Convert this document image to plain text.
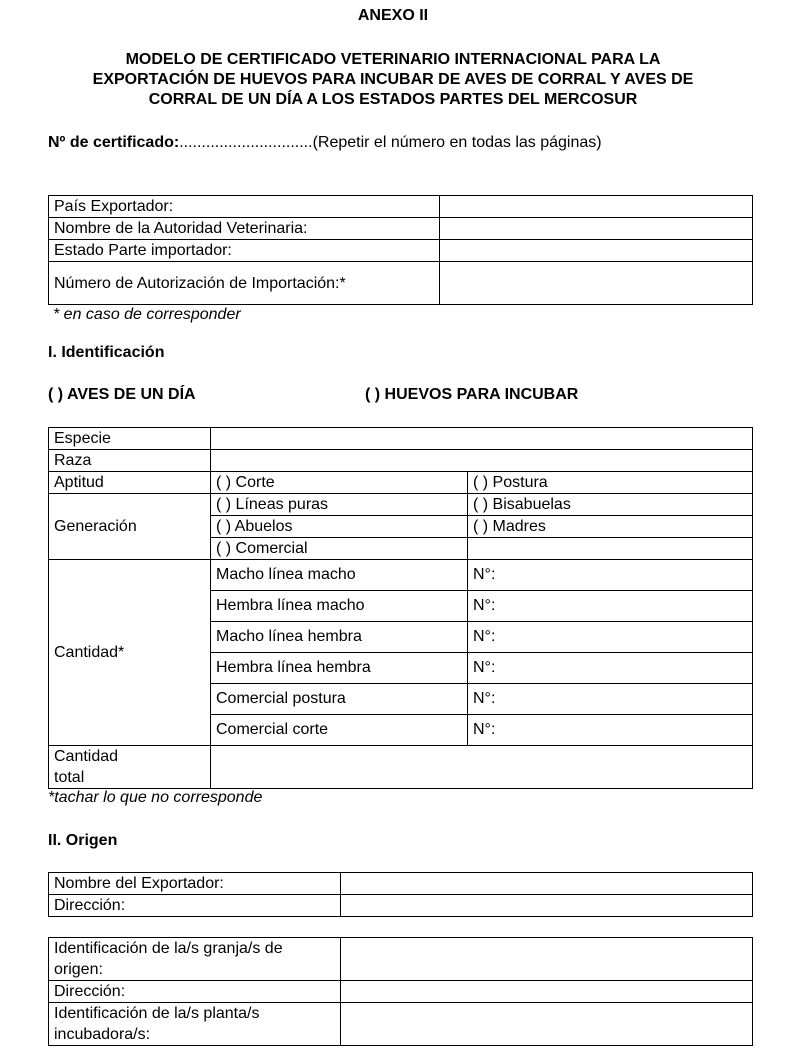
ANEXO II
MODELO DE CERTIFICADO VETERINARIO INTERNACIONAL PARA LA
EXPORTACIÓN DE HUEVOS PARA INCUBAR DE AVES DE CORRAL Y AVES DE
CORRAL DE UN DÍA A LOS ESTADOS PARTES DEL MERCOSUR
Nº de certificado:..............................(Repetir el número en todas las páginas)
País Exportador:	
Nombre de la Autoridad Veterinaria:	
Estado Parte importador:	
Número de Autorización de Importación:*	
* en caso de corresponder
I. Identificación
( ) AVES DE UN DÍA	( ) HUEVOS PARA INCUBAR
Especie		
Raza		
Aptitud	( ) Corte	( ) Postura
Generación	( ) Líneas puras	( ) Bisabuelas
	( ) Abuelos	( ) Madres
	( ) Comercial	
Cantidad*	Macho línea macho	N°:
	Hembra línea macho	N°:
	Macho línea hembra	N°:
	Hembra línea hembra	N°:
	Comercial postura	N°:
	Comercial corte	N°:
Cantidad total		
*tachar lo que no corresponde
II. Origen
Nombre del Exportador:	
Dirección:	
Identificación de la/s granja/s de origen:	
Dirección:	
Identificación de la/s planta/s incubadora/s:	
